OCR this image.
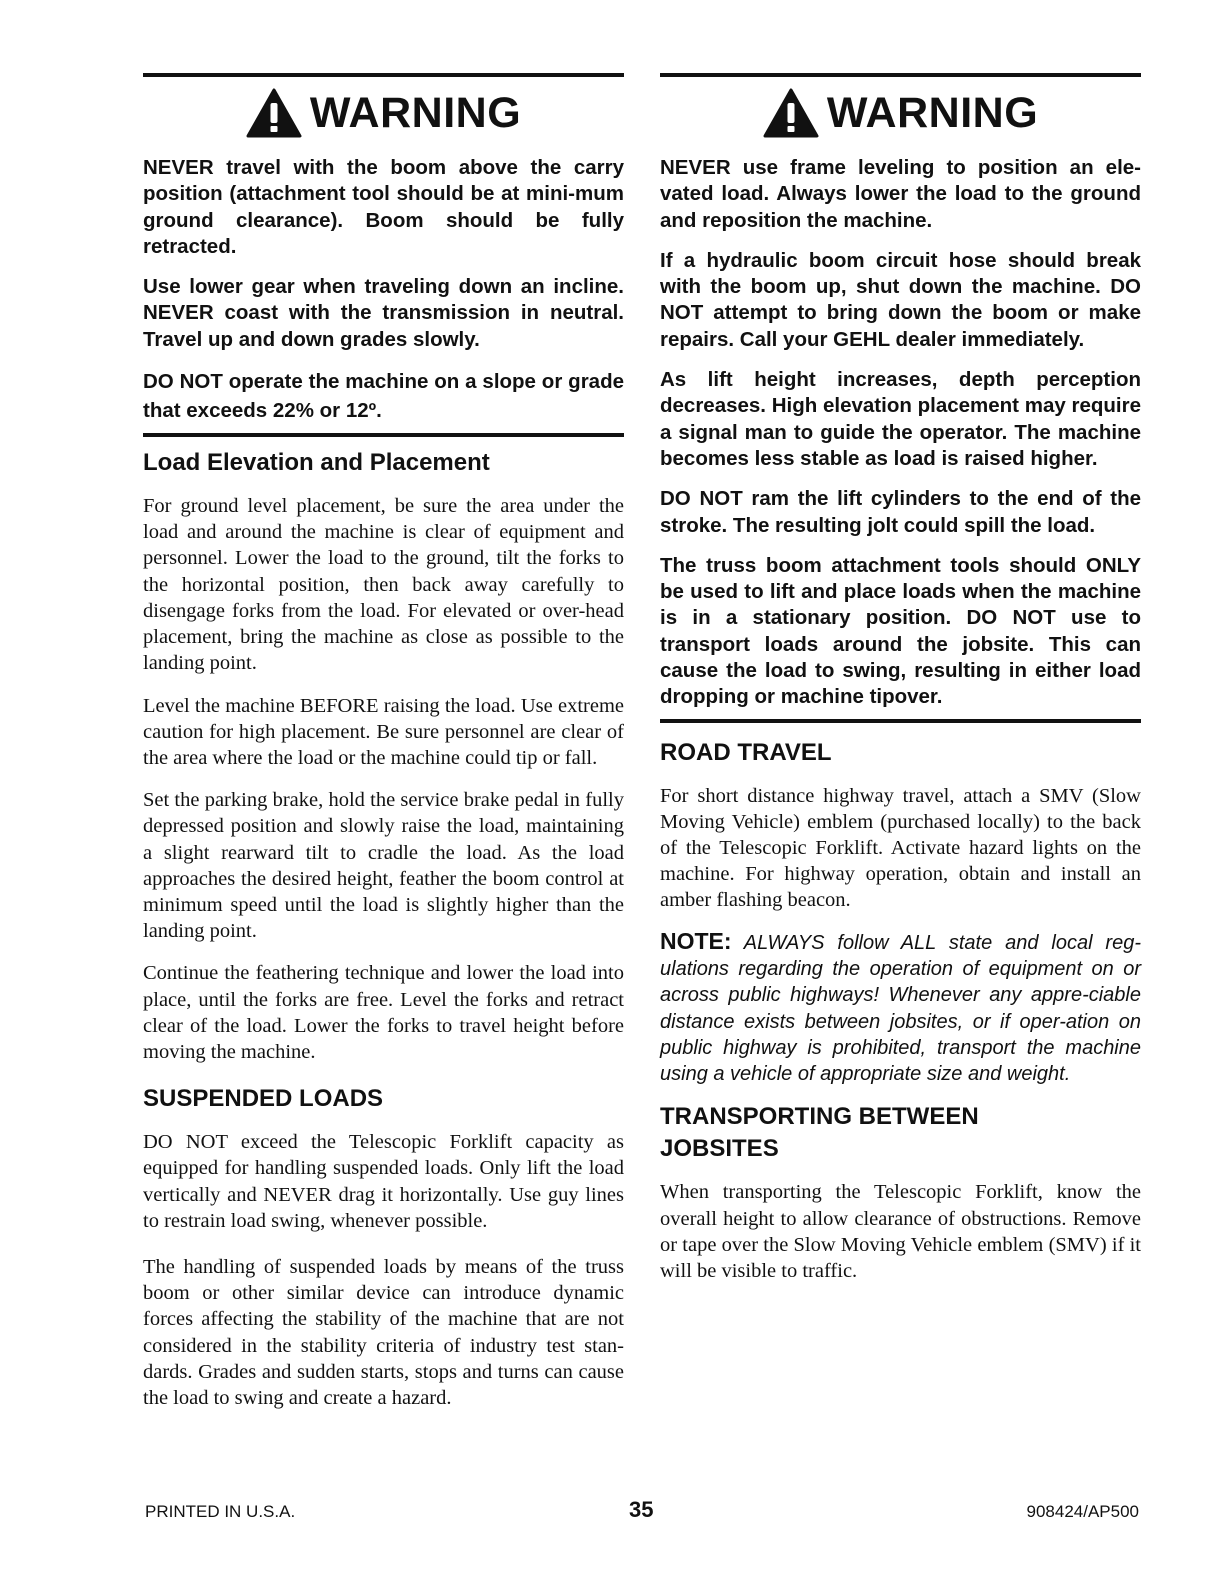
WARNING

NEVER travel with the boom above the carry position (attachment tool should be at mini-mum ground clearance). Boom should be fully retracted.

Use lower gear when traveling down an incline. NEVER coast with the transmission in neutral. Travel up and down grades slowly.

DO NOT operate the machine on a slope or grade that exceeds 22% or 12º.

Load Elevation and Placement

For ground level placement, be sure the area under the load and around the machine is clear of equipment and personnel. Lower the load to the ground, tilt the forks to the horizontal position, then back away carefully to disengage forks from the load. For elevated or over-head placement, bring the machine as close as possible to the landing point.

Level the machine BEFORE raising the load. Use extreme caution for high placement. Be sure personnel are clear of the area where the load or the machine could tip or fall.

Set the parking brake, hold the service brake pedal in fully depressed position and slowly raise the load, maintaining a slight rearward tilt to cradle the load. As the load approaches the desired height, feather the boom control at minimum speed until the load is slightly higher than the landing point.

Continue the feathering technique and lower the load into place, until the forks are free. Level the forks and retract clear of the load. Lower the forks to travel height before moving the machine.

SUSPENDED LOADS

DO NOT exceed the Telescopic Forklift capacity as equipped for handling suspended loads. Only lift the load vertically and NEVER drag it horizontally. Use guy lines to restrain load swing, whenever possible.

The handling of suspended loads by means of the truss boom or other similar device can introduce dynamic forces affecting the stability of the machine that are not considered in the stability criteria of industry test stan-dards. Grades and sudden starts, stops and turns can cause the load to swing and create a hazard.

WARNING

NEVER use frame leveling to position an ele-vated load. Always lower the load to the ground and reposition the machine.

If a hydraulic boom circuit hose should break with the boom up, shut down the machine. DO NOT attempt to bring down the boom or make repairs. Call your GEHL dealer immediately.

As lift height increases, depth perception decreases. High elevation placement may require a signal man to guide the operator. The machine becomes less stable as load is raised higher.

DO NOT ram the lift cylinders to the end of the stroke. The resulting jolt could spill the load.

The truss boom attachment tools should ONLY be used to lift and place loads when the machine is in a stationary position. DO NOT use to transport loads around the jobsite. This can cause the load to swing, resulting in either load dropping or machine tipover.

ROAD TRAVEL

For short distance highway travel, attach a SMV (Slow Moving Vehicle) emblem (purchased locally) to the back of the Telescopic Forklift. Activate hazard lights on the machine. For highway operation, obtain and install an amber flashing beacon.

NOTE: ALWAYS follow ALL state and local reg-ulations regarding the operation of equipment on or across public highways! Whenever any appre-ciable distance exists between jobsites, or if oper-ation on public highway is prohibited, transport the machine using a vehicle of appropriate size and weight.

TRANSPORTING BETWEEN
JOBSITES

When transporting the Telescopic Forklift, know the overall height to allow clearance of obstructions. Remove or tape over the Slow Moving Vehicle emblem (SMV) if it will be visible to traffic.

PRINTED IN U.S.A.	35	908424/AP500
